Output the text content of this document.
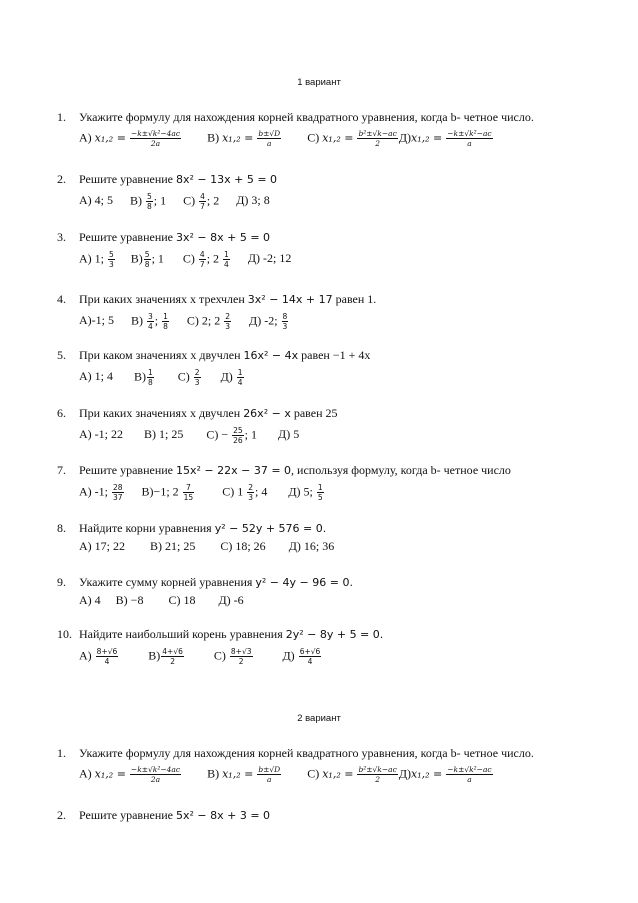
1 вариант
1.	Укажите формулу для нахождения корней квадратного уравнения, когда b- четное число.
А) 𝑥₁,₂ = $\frac{\text{−𝑘±√𝑘²−4𝑎𝑐}}{\text{2𝑎}} В$) 𝑥₁,₂ = $\frac{\text{𝑏±√𝐷}}{\text{𝑎}} С$) 𝑥₁,₂ = $\frac{\text{𝑏²±√𝑘−𝑎𝑐}}{2}$ Д)𝑥₁,₂ = $\frac{\text{−𝑘±√𝑘²−𝑎𝑐}}{\text{𝑎}}$
2.	Решите уравнение 8x² − 13x + 5 = 0
А) 4; 5 $В) \frac{5}{8}$ ; 1 $С) \frac{4}{7}$ ; 2 Д) 3; 8
3.	Решите уравнение 3x² − 8x + 5 = 0
А) 1; $\frac{5}{3} В) \frac{5}{8}$ ; 1 $С) \frac{4}{7}$ ; $2 \frac{1}{4} Д$) -2; 12
4.	При каких значениях x трехчлен 3x² − 14x + 17 равен 1.
А)-1; 5 $В) \frac{3}{4}$ ; $\frac{1}{8} С$) 2; $2 \frac{2}{3} Д$) -2; $\frac{8}{3}$
5.	При каком значениях x двучлен 16x² − 4x равен −1 + 4x
А) 1; 4 $В) \frac{1}{8} С) \frac{2}{3} Д) \frac{1}{4}$
6.	При каких значениях x двучлен 26x² − x равен 25
А) -1; 22 В) 1; 25 $С) - \frac{25}{26}$ ; 1 Д) 5
7.	Решите уравнение 15x² − 22x − 37 = 0, используя формулу, когда b- четное число
А) -1; $\frac{28}{37} В)-1$; $2 \frac{7}{15} С$) $1 \frac{2}{3}$ ; 4 Д) 5; $\frac{1}{5}$
8.	Найдите корни уравнения y² − 52y + 576 = 0.
А) 17; 22 В) 21; 25 С) 18; 26 Д) 16; 36
9.	Укажите сумму корней уравнения y² − 4y − 96 = 0.
А) 4 В) −8 С) 18 Д) -6
10. Найдите наибольший корень уравнения 2y² − 8y + 5 = 0.
$А) \frac{8+√6}{4}$	$В) \frac{4+√6}{2}$	$С) \frac{8+√3}{2}$	$Д) \frac{6+√6}{4}$
2 вариант
1.	Укажите формулу для нахождения корней квадратного уравнения, когда b- четное число.
А) 𝑥₁,₂ = $\frac{\text{−𝑘±√𝑘²−4𝑎𝑐}}{\text{2𝑎}} В$) 𝑥₁,₂ = $\frac{\text{𝑏±√𝐷}}{\text{𝑎}} С$) 𝑥₁,₂ = $\frac{\text{𝑏²±√𝑘−𝑎𝑐}}{2}$ Д)𝑥₁,₂ = $\frac{\text{−𝑘±√𝑘²−𝑎𝑐}}{\text{𝑎}}$
2.	Решите уравнение 5x² − 8x + 3 = 0
